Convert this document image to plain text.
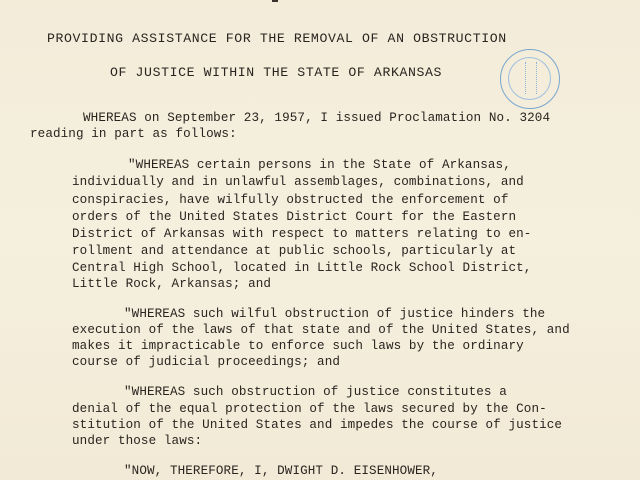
PROVIDING ASSISTANCE FOR THE REMOVAL OF AN OBSTRUCTION
OF JUSTICE WITHIN THE STATE OF ARKANSAS
WHEREAS on September 23, 1957, I issued Proclamation No. 3204
reading in part as follows:
"WHEREAS certain persons in the State of Arkansas,
individually and in unlawful assemblages, combinations, and
conspiracies, have wilfully obstructed the enforcement of
orders of the United States District Court for the Eastern
District of Arkansas with respect to matters relating to en-
rollment and attendance at public schools, particularly at
Central High School, located in Little Rock School District,
Little Rock, Arkansas; and
"WHEREAS such wilful obstruction of justice hinders the
execution of the laws of that state and of the United States, and
makes it impracticable to enforce such laws by the ordinary
course of judicial proceedings; and
"WHEREAS such obstruction of justice constitutes a
denial of the equal protection of the laws secured by the Con-
stitution of the United States and impedes the course of justice
under those laws:
"NOW, THEREFORE, I, DWIGHT D. EISENHOWER,
